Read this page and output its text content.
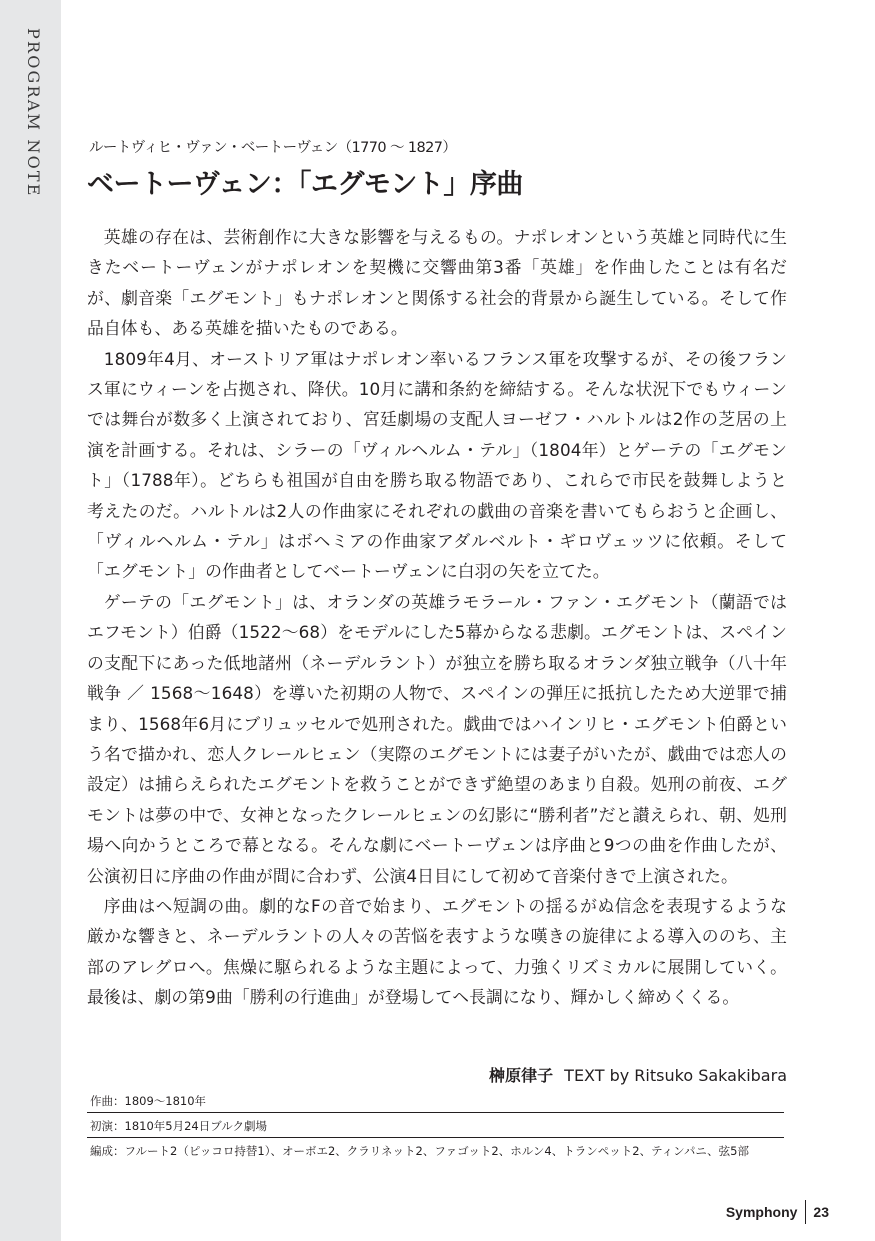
PROGRAM NOTE	ルートヴィヒ・ヴァン・ベートーヴェン（1770 〜 1827）
ベートーヴェン：「エグモント」序曲

英雄の存在は、芸術創作に大きな影響を与えるもの。ナポレオンという英雄と同時代に生きたベートーヴェンがナポレオンを契機に交響曲第3番「英雄」を作曲したことは有名だが、劇音楽「エグモント」もナポレオンと関係する社会的背景から誕生している。そして作品自体も、ある英雄を描いたものである。

1809年4月、オーストリア軍はナポレオン率いるフランス軍を攻撃するが、その後フランス軍にウィーンを占拠され、降伏。10月に講和条約を締結する。そんな状況下でもウィーンでは舞台が数多く上演されており、宮廷劇場の支配人ヨーゼフ・ハルトルは2作の芝居の上演を計画する。それは、シラーの「ヴィルヘルム・テル」（1804年）とゲーテの「エグモント」（1788年）。どちらも祖国が自由を勝ち取る物語であり、これらで市民を鼓舞しようと考えたのだ。ハルトルは2人の作曲家にそれぞれの戯曲の音楽を書いてもらおうと企画し、「ヴィルヘルム・テル」はボヘミアの作曲家アダルベルト・ギロヴェッツに依頼。そして「エグモント」の作曲者としてベートーヴェンに白羽の矢を立てた。

ゲーテの「エグモント」は、オランダの英雄ラモラール・ファン・エグモント（蘭語ではエフモント）伯爵（1522〜68）をモデルにした5幕からなる悲劇。エグモントは、スペインの支配下にあった低地諸州（ネーデルラント）が独立を勝ち取るオランダ独立戦争（八十年戦争 ／ 1568〜1648）を導いた初期の人物で、スペインの弾圧に抵抗したため大逆罪で捕まり、1568年6月にブリュッセルで処刑された。戯曲ではハインリヒ・エグモント伯爵という名で描かれ、恋人クレールヒェン（実際のエグモントには妻子がいたが、戯曲では恋人の設定）は捕らえられたエグモントを救うことができず絶望のあまり自殺。処刑の前夜、エグモントは夢の中で、女神となったクレールヒェンの幻影に“勝利者”だと讃えられ、朝、処刑場へ向かうところで幕となる。そんな劇にベートーヴェンは序曲と9つの曲を作曲したが、公演初日に序曲の作曲が間に合わず、公演4日目にして初めて音楽付きで上演された。

序曲はヘ短調の曲。劇的なFの音で始まり、エグモントの揺るがぬ信念を表現するような厳かな響きと、ネーデルラントの人々の苦悩を表すような嘆きの旋律による導入ののち、主部のアレグロへ。焦燥に駆られるような主題によって、力強くリズミカルに展開していく。最後は、劇の第9曲「勝利の行進曲」が登場してヘ長調になり、輝かしく締めくくる。

榊原律子 TEXT by Ritsuko Sakakibara
作曲：1809〜1810年
初演：1810年5月24日ブルク劇場
編成：フルート2（ピッコロ持替1）、オーボエ2、クラリネット2、ファゴット2、ホルン4、トランペット2、ティンパニ、弦5部
Symphony 23
